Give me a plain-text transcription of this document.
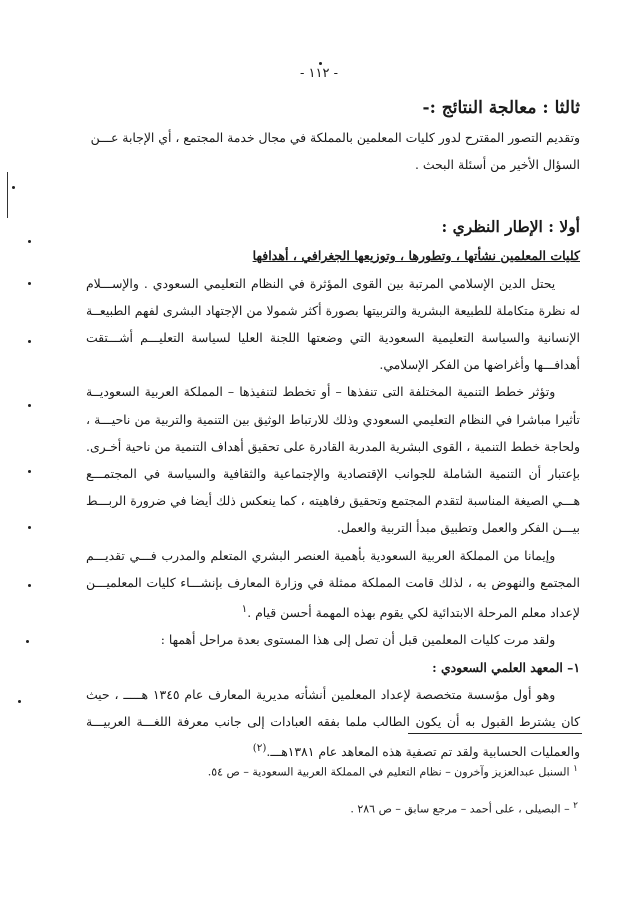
- ١١٢ -

ثالثا : معالجة النتائج :-

وتقديم التصور المقترح لدور كليات المعلمين بالمملكة في مجال خدمة المجتمع ، أي الإجابة عـــن

السؤال الأخير من أسئلة البحث .

أولا : الإطار النظري :

كليات المعلمين نشأتها ، وتطورها ، وتوزيعها الجغرافي ، أهدافها

  يحتل الدين الإسلامي المرتبة بين القوى المؤثرة في النظام التعليمي السعودي . والإســـلام له نظرة متكاملة للطبيعة البشرية والتربيتها بصورة أكثر شمولا من الإجتهاد البشرى لفهم الطبيعــة الإنسانية والسياسة التعليمية السعودية التي وضعتها اللجنة العليا لسياسة التعليـــم أشـــتقت أهدافـــها وأغراضها من الفكر الإسلامي.

  وتؤثر خطط التنمية المختلفة التى تنفذها – أو تخطط لتنفيذها – المملكة العربية السعوديــة تأثيرا مباشرا في النظام التعليمي السعودي وذلك للارتباط الوثيق بين التنمية والتربية من ناحيـــة ، ولحاجة خطط التنمية ، القوى البشرية المدربة القادرة على تحقيق أهداف التنمية من ناحية أخـرى. بإعتبار أن التنمية الشاملة للجوانب الإقتصادية والإجتماعية والثقافية والسياسة في المجتمـــع هـــي الصيغة المناسبة لتقدم المجتمع وتحقيق رفاهيته ، كما ينعكس ذلك أيضا في ضرورة الربـــط بيـــن الفكر والعمل وتطبيق مبدأ التربية والعمل.

  وإيمانا من المملكة العربية السعودية بأهمية العنصر البشري المتعلم والمدرب فـــي تقديـــم المجتمع والنهوض به ، لذلك قامت المملكة ممثلة في وزارة المعارف بإنشـــاء كليات المعلميـــن لإعداد معلم المرحلة الابتدائية لكي يقوم بهذه المهمة أحسن قيام .$^١$

  ولقد مرت كليات المعلمين قبل أن تصل إلى هذا المستوى بعدة مراحل أهمها :

١– المعهد العلمي السعودي :

  وهو أول مؤسسة متخصصة لإعداد المعلمين أنشأته مديرية المعارف عام ١٣٤٥ هـــــ ، حيث كان يشترط القبول به أن يكون الطالب ملما بفقه العبادات إلى جانب معرفة اللغـــة العربيـــة والعمليات الحسابية ولقد تم تصفية هذه المعاهد عام ١٣٨١هـــ.$^{(٢)}$

$^١$ السنبل عبدالعزيز وآخرون – نظام التعليم في المملكة العربية السعودية – ص ٥٤.
$^٢$ – البصيلى ، على أحمد – مرجع سابق – ص ٢٨٦ .
